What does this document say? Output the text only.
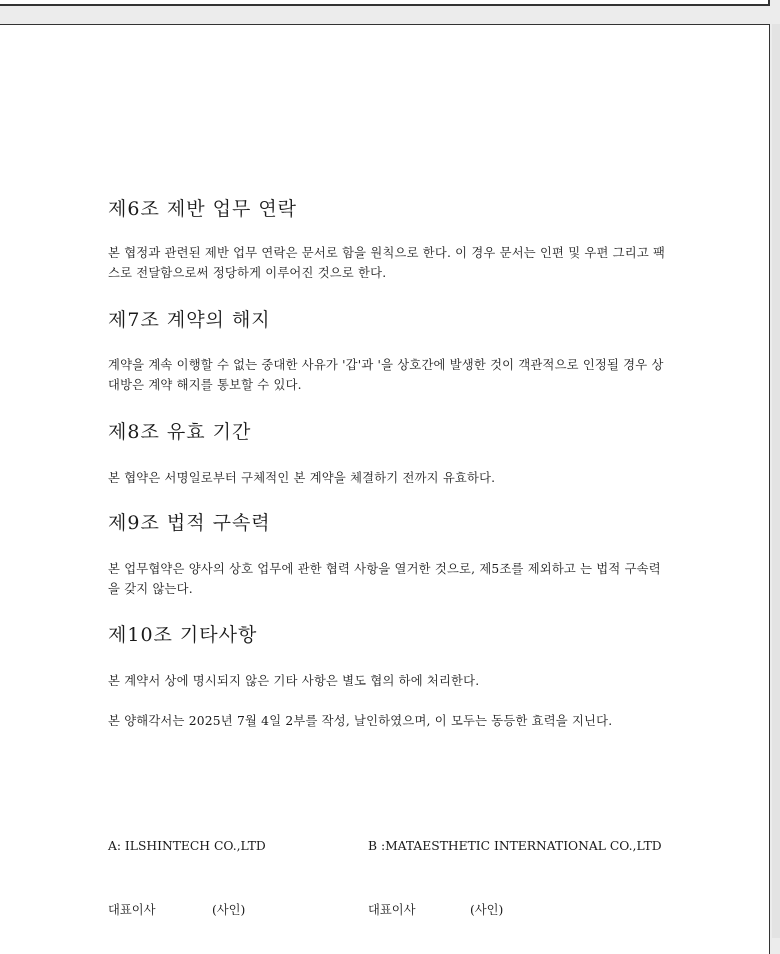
제6조 제반 업무 연락

본 협정과 관련된 제반 업무 연락은 문서로 함을 원칙으로 한다. 이 경우 문서는 인편 및 우편 그리고 팩스로 전달함으로써 정당하게 이루어진 것으로 한다.

제7조 계약의 해지

계약을 계속 이행할 수 없는 중대한 사유가 '갑'과 '을 상호간에 발생한 것이 객관적으로 인정될 경우 상대방은 계약 해지를 통보할 수 있다.

제8조 유효 기간

본 협약은 서명일로부터 구체적인 본 계약을 체결하기 전까지 유효하다.

제9조 법적 구속력

본 업무협약은 양사의 상호 업무에 관한 협력 사항을 열거한 것으로, 제5조를 제외하고 는 법적 구속력을 갖지 않는다.

제10조 기타사항

본 계약서 상에 명시되지 않은 기타 사항은 별도 협의 하에 처리한다.

본 양해각서는 2025년 7월 4일 2부를 작성, 날인하였으며, 이 모두는 동등한 효력을 지닌다.

A: ILSHINTECH CO.,LTD	B :MATAESTHETIC INTERNATIONAL CO.,LTD
대표이사	(사인)	대표이사	(사인)
